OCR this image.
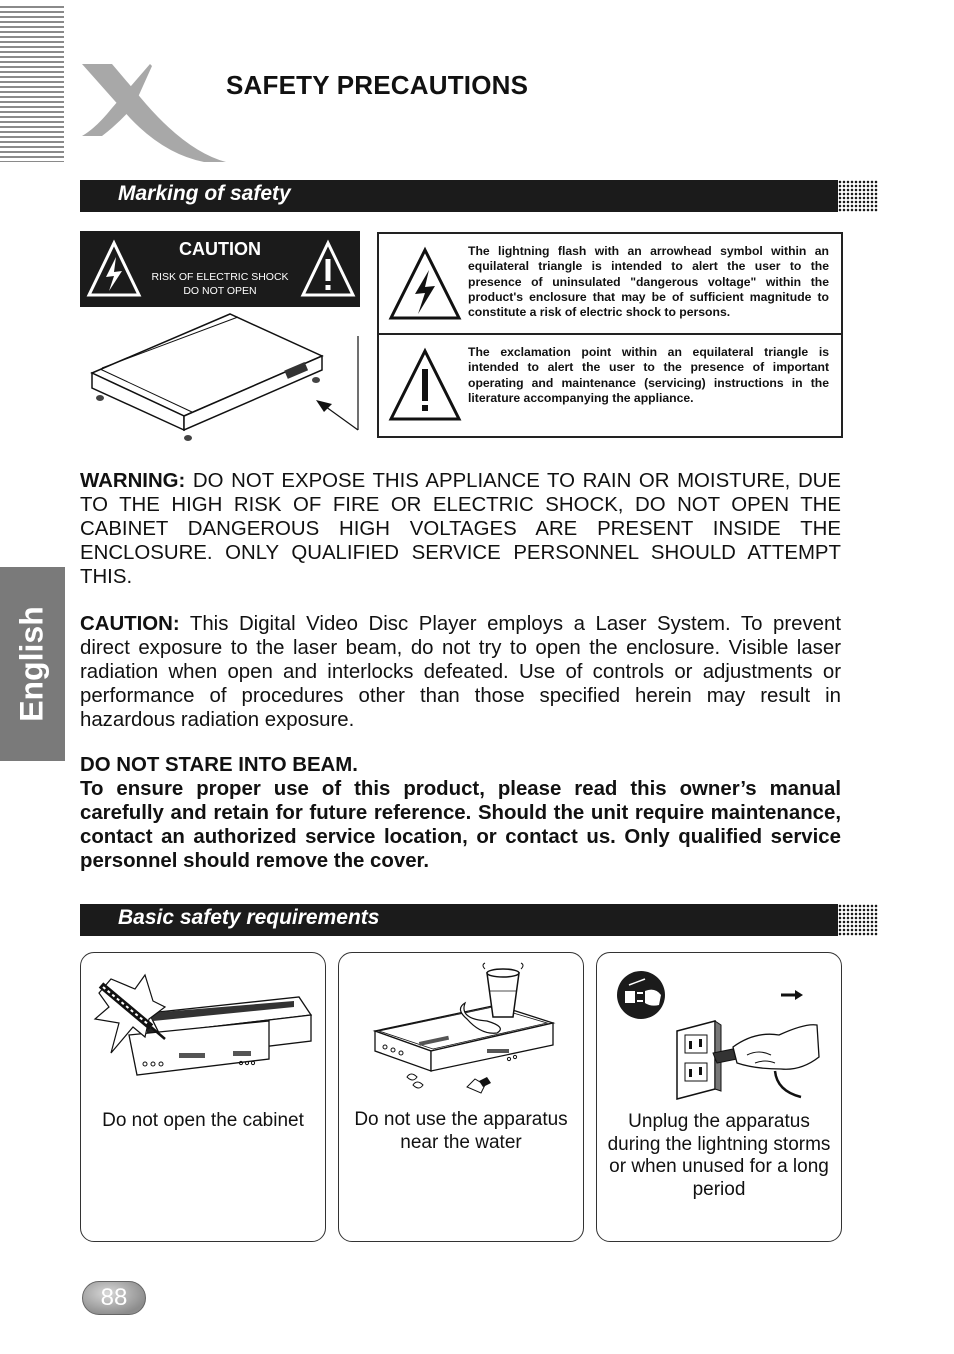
SAFETY PRECAUTIONS
Marking of safety
CAUTION
RISK OF ELECTRIC SHOCK
DO NOT OPEN
The lightning flash with an arrowhead symbol within an equilateral triangle is intended to alert the user to the presence of uninsulated "dangerous voltage" within the product's enclosure that may be of sufficient magnitude to constitute a risk of electric shock to persons.
The exclamation point within an equilateral triangle is intended to alert the user to the presence of important operating and maintenance (servicing) instructions in the literature accompanying the appliance.
WARNING: DO NOT EXPOSE THIS APPLIANCE TO RAIN OR MOISTURE, DUE TO THE HIGH RISK OF FIRE OR ELECTRIC SHOCK, DO NOT OPEN THE CABINET DANGEROUS HIGH VOLTAGES ARE PRESENT INSIDE THE ENCLOSURE. ONLY QUALIFIED SERVICE PERSONNEL SHOULD ATTEMPT THIS.
CAUTION: This Digital Video Disc Player employs a Laser System. To prevent direct exposure to the laser beam, do not try to open the enclosure. Visible laser radiation when open and interlocks defeated. Use of controls or adjustments or performance of procedures other than those specified herein may result in hazardous radiation exposure.
DO NOT STARE INTO BEAM.
To ensure proper use of this product, please read this owner’s manual carefully and retain for future reference. Should the unit require maintenance, contact an authorized service location, or contact us. Only qualified service personnel should remove the cover.
English
Basic safety requirements
Do not open the cabinet	Do not use the apparatus near the water
Unplug the apparatus during the lightning storms or when unused for a long period
88
